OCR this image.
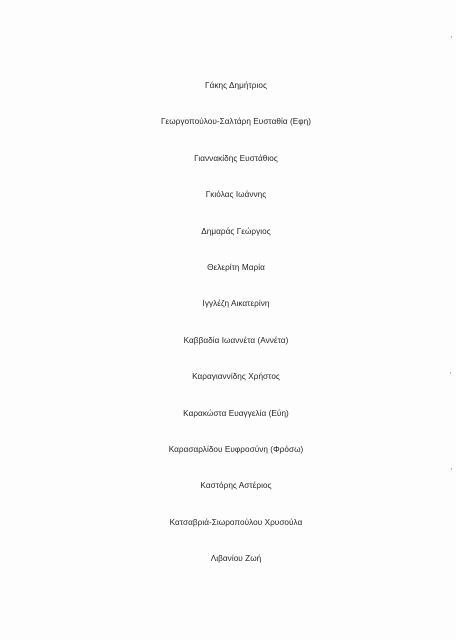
Γάκης Δημήτριος
Γεωργοπούλου-Σαλτάρη Ευσταθία (Εφη)
Γιαννακίδης Ευστάθιος
Γκιόλας Ιωάννης
Δημαράς Γεώργιος
Θελερίτη Μαρία
Ιγγλέζη Αικατερίνη
Καββαδία Ιωαννέτα (Αννέτα)
Καραγιαννίδης Χρήστος
Καρακώστα Ευαγγελία (Εύη)
Καρασαρλίδου Ευφροσύνη (Φρόσω)
Καστόρης Αστέριος
Κατσαβριά-Σιωροπούλου Χρυσούλα
Λιβανίου Ζωή
